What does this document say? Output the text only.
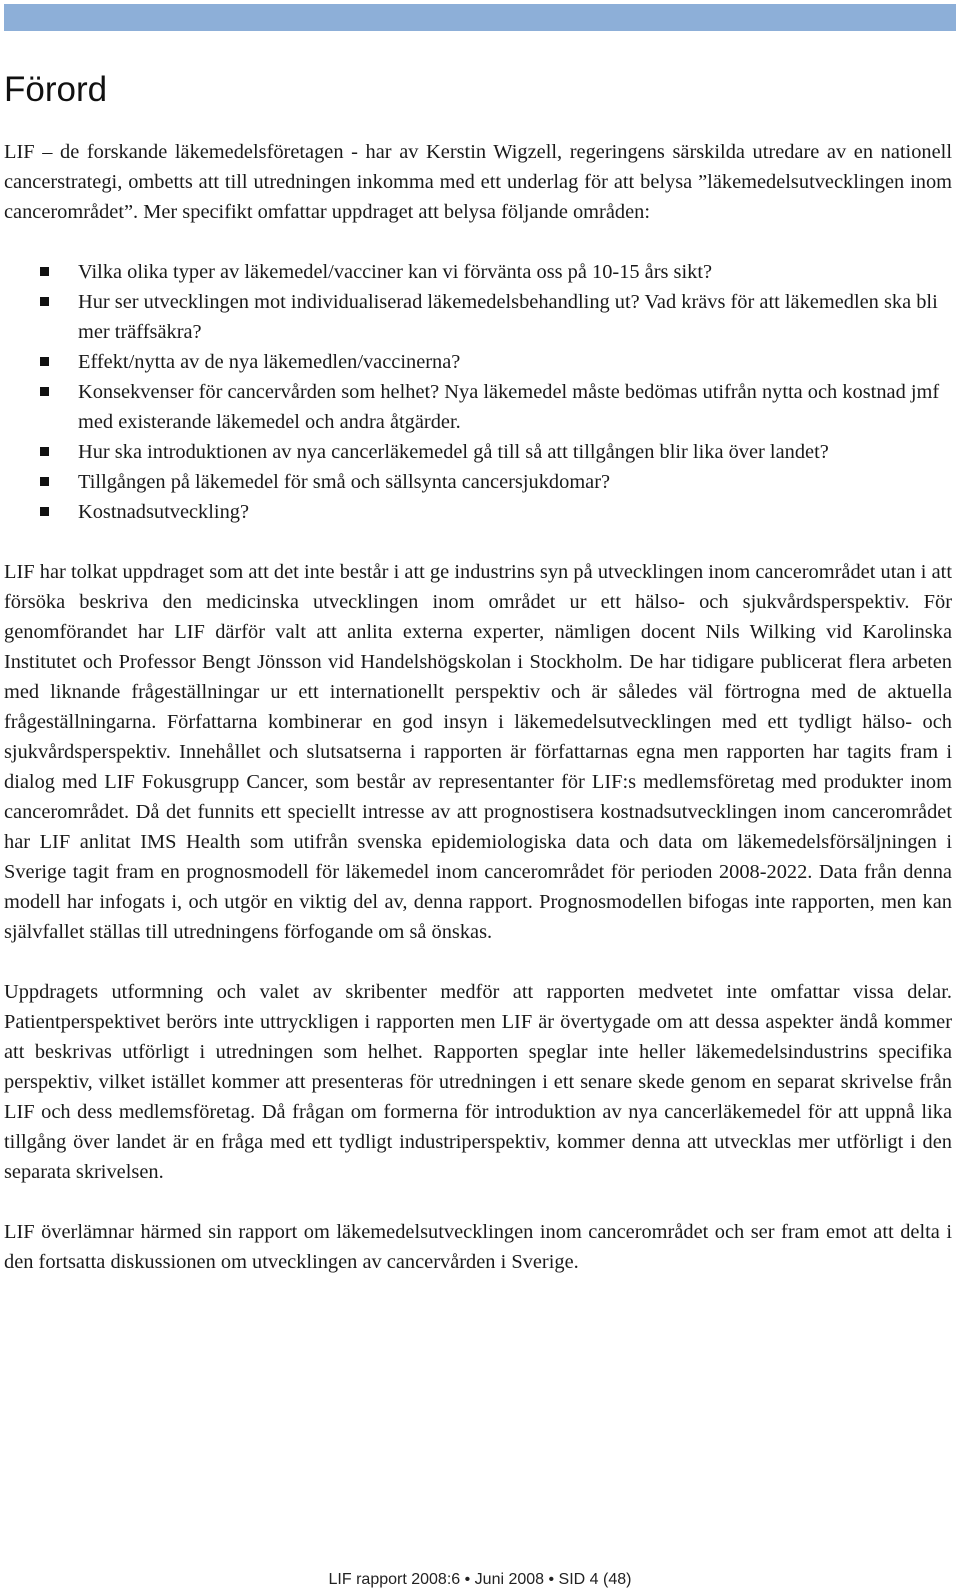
Förord

LIF – de forskande läkemedelsföretagen - har av Kerstin Wigzell, regeringens särskilda utredare av en nationell cancerstrategi, ombetts att till utredningen inkomma med ett underlag för att belysa ”läkemedelsutvecklingen inom cancerområdet”. Mer specifikt omfattar uppdraget att belysa följande områden:

Vilka olika typer av läkemedel/vacciner kan vi förvänta oss på 10-15 års sikt?
Hur ser utvecklingen mot individualiserad läkemedelsbehandling ut? Vad krävs för att läkemedlen ska bli mer träffsäkra?
Effekt/nytta av de nya läkemedlen/vaccinerna?
Konsekvenser för cancervården som helhet? Nya läkemedel måste bedömas utifrån nytta och kostnad jmf med existerande läkemedel och andra åtgärder.
Hur ska introduktionen av nya cancerläkemedel gå till så att tillgången blir lika över landet?
Tillgången på läkemedel för små och sällsynta cancersjukdomar?
Kostnadsutveckling?

LIF har tolkat uppdraget som att det inte består i att ge industrins syn på utvecklingen inom cancerområdet utan i att försöka beskriva den medicinska utvecklingen inom området ur ett hälso- och sjukvårdsperspektiv. För genomförandet har LIF därför valt att anlita externa experter, nämligen docent Nils Wilking vid Karolinska Institutet och Professor Bengt Jönsson vid Handelshögskolan i Stockholm. De har tidigare publicerat flera arbeten med liknande frågeställningar ur ett internationellt perspektiv och är således väl förtrogna med de aktuella frågeställningarna. Författarna kombinerar en god insyn i läkemedelsutvecklingen med ett tydligt hälso- och sjukvårdsperspektiv. Innehållet och slutsatserna i rapporten är författarnas egna men rapporten har tagits fram i dialog med LIF Fokusgrupp Cancer, som består av representanter för LIF:s medlemsföretag med produkter inom cancerområdet. Då det funnits ett speciellt intresse av att prognostisera kostnadsutvecklingen inom cancerområdet har LIF anlitat IMS Health som utifrån svenska epidemiologiska data och data om läkemedelsförsäljningen i Sverige tagit fram en prognosmodell för läkemedel inom cancerområdet för perioden 2008-2022. Data från denna modell har infogats i, och utgör en viktig del av, denna rapport. Prognosmodellen bifogas inte rapporten, men kan självfallet ställas till utredningens förfogande om så önskas.

Uppdragets utformning och valet av skribenter medför att rapporten medvetet inte omfattar vissa delar. Patientperspektivet berörs inte uttryckligen i rapporten men LIF är övertygade om att dessa aspekter ändå kommer att beskrivas utförligt i utredningen som helhet. Rapporten speglar inte heller läkemedelsindustrins specifika perspektiv, vilket istället kommer att presenteras för utredningen i ett senare skede genom en separat skrivelse från LIF och dess medlemsföretag. Då frågan om formerna för introduktion av nya cancerläkemedel för att uppnå lika tillgång över landet är en fråga med ett tydligt industriperspektiv, kommer denna att utvecklas mer utförligt i den separata skrivelsen.

LIF överlämnar härmed sin rapport om läkemedelsutvecklingen inom cancerområdet och ser fram emot att delta i den fortsatta diskussionen om utvecklingen av cancervården i Sverige.

LIF rapport 2008:6 • Juni 2008 • SID 4 (48)
